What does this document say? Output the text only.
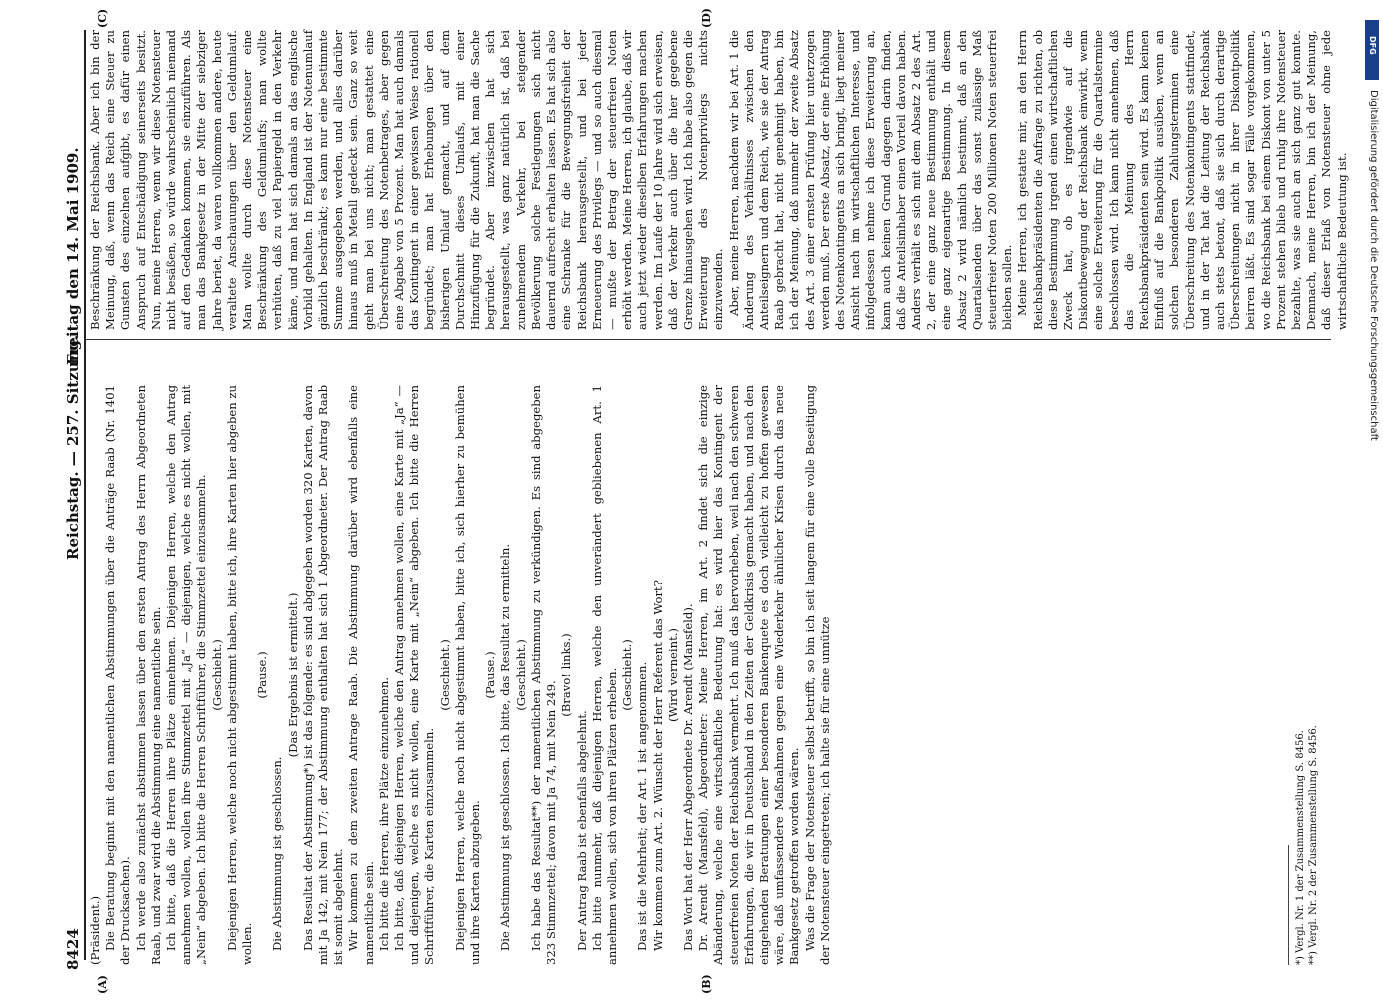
8424
Reichstag. — 257. Sitzung.
Freitag den 14. Mai 1909.
(A)	(B)
(C)	(D)

(Präsident.) Die Beratung beginnt mit den namentlichen Abstimmungen über die Anträge Raab (Nr. 1401 der Drucksachen). Ich werde also zunächst abstimmen lassen über den ersten Antrag des Herrn Abgeordneten Raab, und zwar wird die Abstimmung eine namentliche sein. Ich bitte, daß die Herren ihre Plätze einnehmen. Diejenigen Herren, welche den Antrag annehmen wollen, wollen ihre Stimmzettel mit „Ja“ — diejenigen, welche es nicht wollen, mit „Nein“ abgeben. Ich bitte die Herren Schriftführer, die Stimmzettel einzusammeln. (Geschieht.) Diejenigen Herren, welche noch nicht abgestimmt haben, bitte ich, ihre Karten hier abgeben zu wollen.

(Pause.)

Die Abstimmung ist geschlossen.

(Das Ergebnis ist ermittelt.) Das Resultat der Abstimmung*) ist das folgende: es sind abgegeben worden 320 Karten, davon mit Ja 142, mit Nein 177; der Abstimmung enthalten hat sich 1 Abgeordneter. Der Antrag Raab ist somit abgelehnt. Wir kommen zu dem zweiten Antrage Raab. Die Abstimmung darüber wird ebenfalls eine namentliche sein. Ich bitte die Herren, ihre Plätze einzunehmen. Ich bitte, daß diejenigen Herren, welche den Antrag annehmen wollen, eine Karte mit „Ja“ — und diejenigen, welche es nicht wollen, eine Karte mit „Nein“ abgeben. Ich bitte die Herren Schriftführer, die Karten einzusammeln.

(Geschieht.) Diejenigen Herren, welche noch nicht abgestimmt haben, bitte ich, sich hierher zu bemühen und ihre Karten abzugeben.

(Pause.) Die Abstimmung ist geschlossen. Ich bitte, das Resultat zu ermitteln. (Geschieht.) Ich habe das Resultat**) der namentlichen Abstimmung zu verkündigen. Es sind abgegeben 323 Stimmzettel; davon mit Ja 74, mit Nein 249.

(Bravo! links.)

Der Antrag Raab ist ebenfalls abgelehnt. Ich bitte nunmehr, daß diejenigen Herren, welche den unverändert gebliebenen Art. 1 annehmen wollen, sich von ihren Plätzen erheben. (Geschieht.) Das ist die Mehrheit; der Art. 1 ist angenommen. Wir kommen zum Art. 2. Wünscht der Herr Referent das Wort? (Wird verneint.) Das Wort hat der Herr Abgeordnete Dr. Arendt (Mansfeld). Dr. Arendt (Mansfeld), Abgeordneter: Meine Herren, im Art. 2 findet sich die einzige Abänderung, welche eine wirtschaftliche Bedeutung hat: es wird hier das Kontingent der steuerfreien Noten der Reichsbank vermehrt. Ich muß das hervorheben, weil nach den schweren Erfahrungen, die wir in Deutschland in den Zeiten der Geldkrisis gemacht haben, und nach den eingehenden Beratungen einer besonderen Bankenquete es doch vielleicht zu hoffen gewesen wäre, daß umfassendere Maßnahmen gegen eine Wiederkehr ähnlicher Krisen durch das neue Bankgesetz getroffen worden wären. Was die Frage der Notensteuer selbst betrifft, so bin ich seit langem für eine volle Beseitigung der Notensteuer eingetreten; ich halte sie für eine unnütze

Beschränkung der Reichsbank. Aber ich bin der Meinung, daß, wenn das Reich eine Steuer zu Gunsten des einzelnen aufgibt, es dafür einen Anspruch auf Entschädigung seinerseits besitzt. Nun, meine Herren, wenn wir diese Notensteuer nicht besäßen, so würde wahrscheinlich niemand auf den Gedanken kommen, sie einzuführen. Als man das Bankgesetz in der Mitte der siebziger Jahre beriet, da waren vollkommen andere, heute veraltete Anschauungen über den Geldumlauf. Man wollte durch diese Notensteuer eine Beschränkung des Geldumlaufs; man wollte verhüten, daß zu viel Papiergeld in den Verkehr käme, und man hat sich damals an das englische Vorbild gehalten. In England ist der Notenumlauf gänzlich beschränkt; es kann nur eine bestimmte Summe ausgegeben werden, und alles darüber hinaus muß in Metall gedeckt sein. Ganz so weit geht man bei uns nicht; man gestattet eine Überschreitung des Notenbetrages, aber gegen eine Abgabe von 5 Prozent. Man hat auch damals das Kontingent in einer gewissen Weise rationell begründet; man hat Erhebungen über den bisherigen Umlauf gemacht, und auf dem Durchschnitt dieses Umlaufs, mit einer Hinzufügung für die Zukunft, hat man die Sache begründet. Aber inzwischen hat sich herausgestellt, was ganz natürlich ist, daß bei zunehmendem Verkehr, bei steigender Bevölkerung solche Festlegungen sich nicht dauernd aufrecht erhalten lassen. Es hat sich also eine Schranke für die Bewegungsfreiheit der Reichsbank herausgestellt, und bei jeder Erneuerung des Privilegs — und so auch diesmal — mußte der Betrag der steuerfreien Noten erhöht werden. Meine Herren, ich glaube, daß wir auch jetzt wieder dieselben Erfahrungen machen werden. Im Laufe der 10 Jahre wird sich erweisen, daß der Verkehr auch über die hier gegebene Grenze hinausgehen wird. Ich habe also gegen die Erweiterung des Notenprivilegs nichts einzuwenden. Aber, meine Herren, nachdem wir bei Art. 1 die Änderung des Verhältnisses zwischen den Anteilseignern und dem Reich, wie sie der Antrag Raab gebracht hat, nicht genehmigt haben, bin ich der Meinung, daß nunmehr der zweite Absatz des Art. 3 einer ernsten Prüfung hier unterzogen werden muß. Der erste Absatz, der eine Erhöhung des Notenkontingents an sich bringt, liegt meiner Ansicht nach im wirtschaftlichen Interesse, und infolgedessen nehme ich diese Erweiterung an, kann auch keinen Grund dagegen darin finden, daß die Anteilsinhaber einen Vorteil davon haben. Anders verhält es sich mit dem Absatz 2 des Art. 2, der eine ganz neue Bestimmung enthält und eine ganz eigenartige Bestimmung. In diesem Absatz 2 wird nämlich bestimmt, daß an den Quartalsenden über das sonst zulässige Maß steuerfreier Noten 200 Millionen Noten steuerfrei bleiben sollen. Meine Herren, ich gestatte mir, an den Herrn Reichsbankpräsidenten die Anfrage zu richten, ob diese Bestimmung irgend einen wirtschaftlichen Zweck hat, ob es irgendwie auf die Diskontbewegung der Reichsbank einwirkt, wenn eine solche Erweiterung für die Quartalstermine beschlossen wird. Ich kann nicht annehmen, daß das die Meinung des Herrn Reichsbankpräsidenten sein wird. Es kann keinen Einfluß auf die Bankpolitik ausüben, wenn an solchen besonderen Zahlungsterminen eine Überschreitung des Notenkontingents stattfindet, und in der Tat hat die Leitung der Reichsbank auch stets betont, daß sie sich durch derartige Überschreitungen nicht in ihrer Diskontpolitik beirren läßt. Es sind sogar Fälle vorgekommen, wo die Reichsbank bei einem Diskont von unter 5 Prozent stehen blieb und ruhig ihre Notensteuer bezahlte, was sie auch an sich ganz gut konnte. Demnach, meine Herren, bin ich der Meinung, daß dieser Erlaß von Notensteuer ohne jede wirtschaftliche Bedeutung ist.

*) Vergl. Nr. 1 der Zusammenstellung S. 8456. **) Vergl. Nr. 2 der Zusammenstellung S. 8456.
DFG
Digitalisierung gefördert durch die Deutsche Forschungsgemeinschaft
